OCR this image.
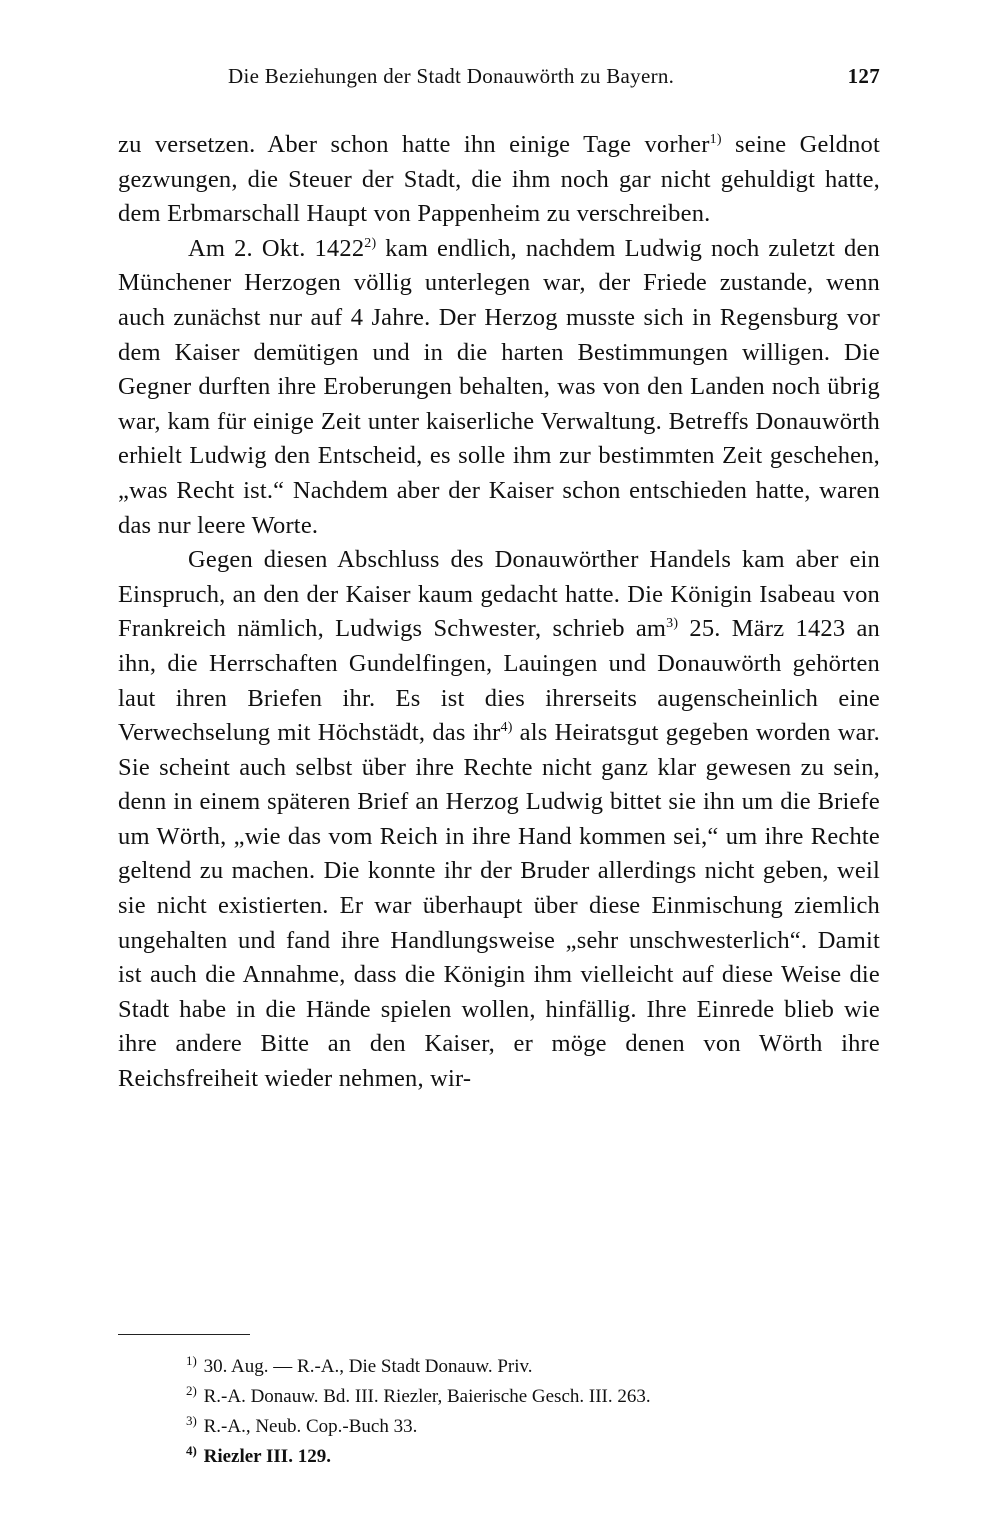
Die Beziehungen der Stadt Donauwörth zu Bayern.	127

zu versetzen. Aber schon hatte ihn einige Tage vorher$^{1)}$ seine Geldnot gezwungen, die Steuer der Stadt, die ihm noch gar nicht gehuldigt hatte, dem Erbmarschall Haupt von Pappenheim zu verschreiben.

Am 2. Okt. 1422$^{2)}$ kam endlich, nachdem Ludwig noch zuletzt den Münchener Herzogen völlig unterlegen war, der Friede zustande, wenn auch zunächst nur auf 4 Jahre. Der Herzog musste sich in Regensburg vor dem Kaiser demütigen und in die harten Bestimmungen willigen. Die Gegner durften ihre Eroberungen behalten, was von den Landen noch übrig war, kam für einige Zeit unter kaiserliche Verwaltung. Betreffs Donauwörth erhielt Ludwig den Entscheid, es solle ihm zur bestimmten Zeit geschehen, „was Recht ist.“ Nachdem aber der Kaiser schon entschieden hatte, waren das nur leere Worte.

Gegen diesen Abschluss des Donauwörther Handels kam aber ein Einspruch, an den der Kaiser kaum gedacht hatte. Die Königin Isabeau von Frankreich nämlich, Ludwigs Schwester, schrieb $am^{3)}$ 25. März 1423 an ihn, die Herrschaften Gundelfingen, Lauingen und Donauwörth gehörten laut ihren Briefen ihr. Es ist dies ihrerseits augenscheinlich eine Verwechselung mit Höchstädt, das ihr$^{4)}$ als Heiratsgut gegeben worden war. Sie scheint auch selbst über ihre Rechte nicht ganz klar gewesen zu sein, denn in einem späteren Brief an Herzog Ludwig bittet sie ihn um die Briefe um Wörth, „wie das vom Reich in ihre Hand kommen sei,“ um ihre Rechte geltend zu machen. Die konnte ihr der Bruder allerdings nicht geben, weil sie nicht existierten. Er war überhaupt über diese Einmischung ziemlich ungehalten und fand ihre Handlungsweise „sehr unschwesterlich“. Damit ist auch die Annahme, dass die Königin ihm vielleicht auf diese Weise die Stadt habe in die Hände spielen wollen, hinfällig. Ihre Einrede blieb wie ihre andere Bitte an den Kaiser, er möge denen von Wörth ihre Reichsfreiheit wieder nehmen, wir-

$^{1)}$ 30. Aug. — R.-A., Die Stadt Donauw. Priv.
$^{2)}$ R.-A. Donauw. Bd. III. Riezler, Baierische Gesch. III. 263.
$^{3)}$ R.-A., Neub. Cop.-Buch 33.
$^{4)}$ Riezler III. 129.
